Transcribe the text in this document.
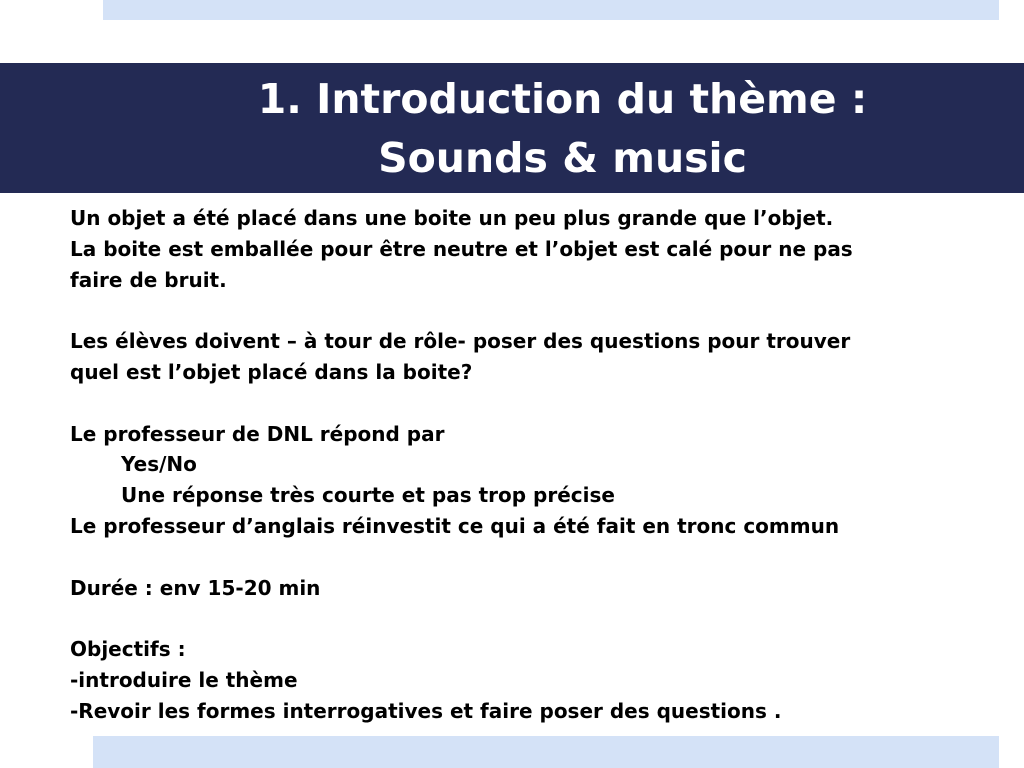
1. Introduction du thème :
Sounds & music
Un objet a été placé dans une boite un peu plus grande que l’objet.
La boite est emballée pour être neutre et l’objet est calé pour ne pas
faire de bruit.
Les élèves doivent – à tour de rôle- poser des questions pour trouver
quel est l’objet placé dans la boite?
Le professeur de DNL répond par
Yes/No
Une réponse très courte et pas trop précise
Le professeur d’anglais réinvestit ce qui a été fait en tronc commun
Durée : env 15-20 min
Objectifs :
-introduire le thème
-Revoir les formes interrogatives et faire poser des questions .
